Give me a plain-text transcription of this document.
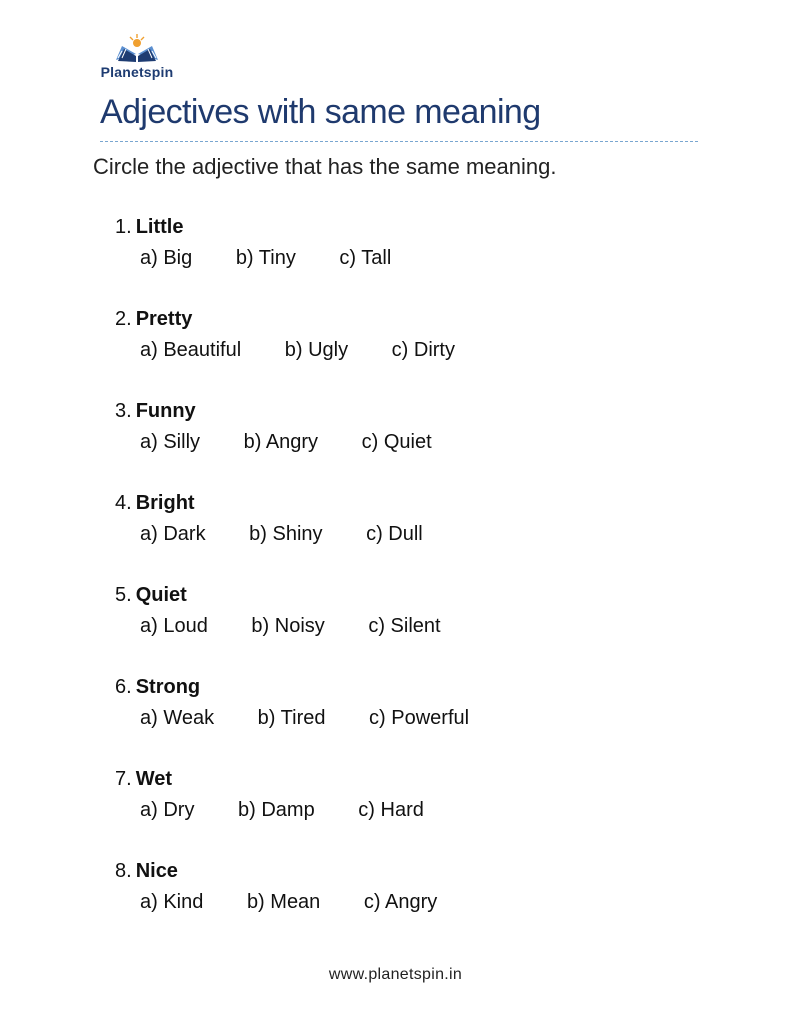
Planetspin
Adjectives with same meaning
Circle the adjective that has the same meaning.
1. Little
a) Big b) Tiny c) Tall
2. Pretty
a) Beautiful b) Ugly c) Dirty
3. Funny
a) Silly b) Angry c) Quiet
4. Bright
a) Dark b) Shiny c) Dull
5. Quiet
a) Loud b) Noisy c) Silent
6. Strong
a) Weak b) Tired c) Powerful
7. Wet
a) Dry b) Damp c) Hard
8. Nice
a) Kind b) Mean c) Angry
www.planetspin.in
